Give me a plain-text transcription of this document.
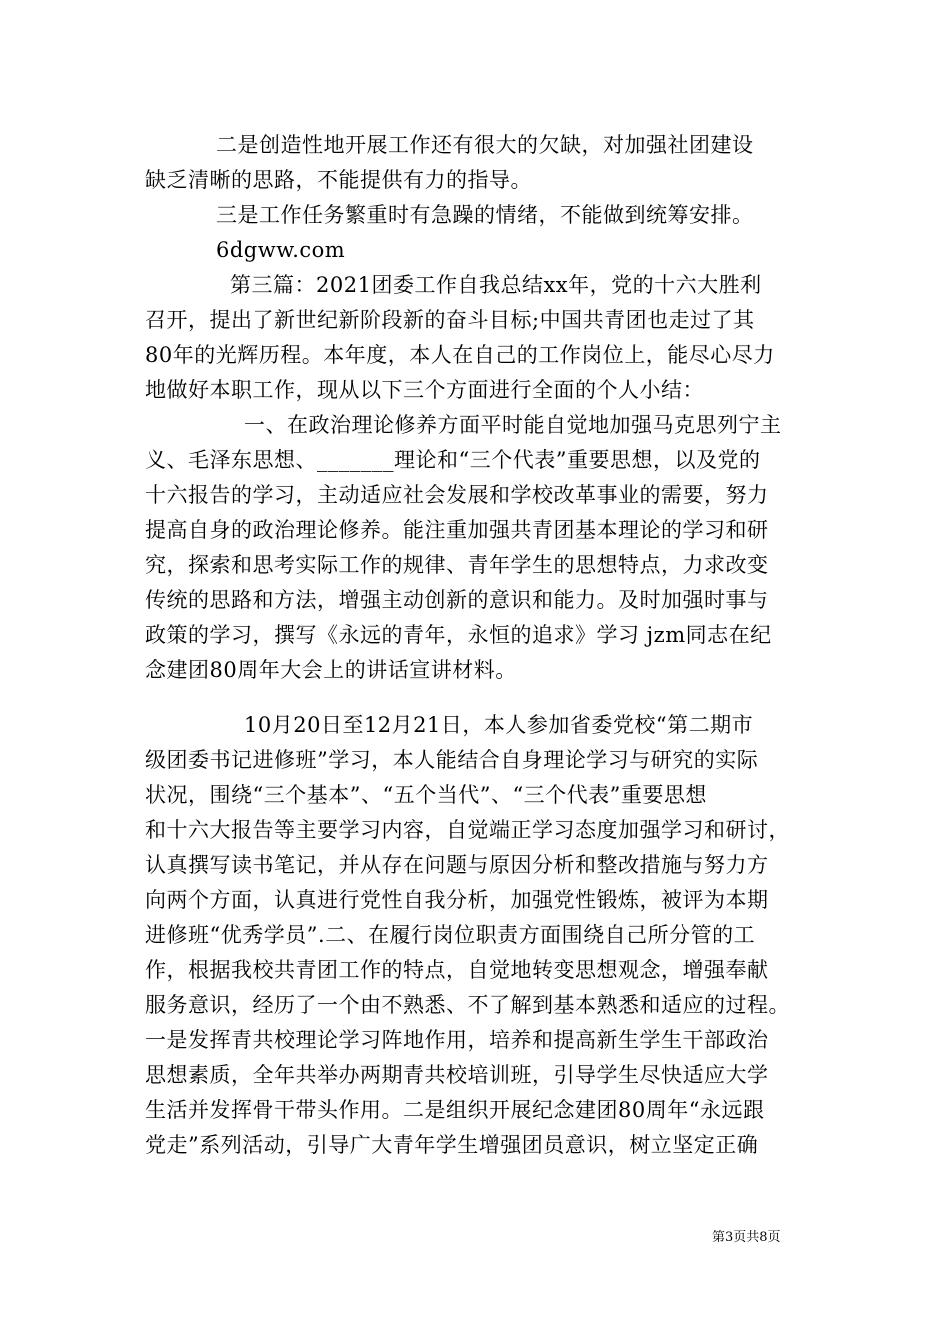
二是创造性地开展工作还有很大的欠缺，对加强社团建设
缺乏清晰的思路，不能提供有力的指导。
三是工作任务繁重时有急躁的情绪，不能做到统筹安排。
6dgww.com
第三篇：2021团委工作自我总结xx年，党的十六大胜利
召开，提出了新世纪新阶段新的奋斗目标;中国共青团也走过了其
80年的光辉历程。本年度，本人在自己的工作岗位上，能尽心尽力
地做好本职工作，现从以下三个方面进行全面的个人小结：
一、在政治理论修养方面平时能自觉地加强马克思列宁主
义、毛泽东思想、_______理论和“三个代表”重要思想，以及党的
十六报告的学习，主动适应社会发展和学校改革事业的需要，努力
提高自身的政治理论修养。能注重加强共青团基本理论的学习和研
究，探索和思考实际工作的规律、青年学生的思想特点，力求改变
传统的思路和方法，增强主动创新的意识和能力。及时加强时事与
政策的学习，撰写《永远的青年，永恒的追求》学习 jzm同志在纪
念建团80周年大会上的讲话宣讲材料。
10月20日至12月21日，本人参加省委党校“第二期市
级团委书记进修班”学习，本人能结合自身理论学习与研究的实际
状况，围绕“三个基本”、“五个当代”、“三个代表”重要思想
和十六大报告等主要学习内容，自觉端正学习态度加强学习和研讨，
认真撰写读书笔记，并从存在问题与原因分析和整改措施与努力方
向两个方面，认真进行党性自我分析，加强党性锻炼，被评为本期
进修班“优秀学员”.二、在履行岗位职责方面围绕自己所分管的工
作，根据我校共青团工作的特点，自觉地转变思想观念，增强奉献
服务意识，经历了一个由不熟悉、不了解到基本熟悉和适应的过程。
一是发挥青共校理论学习阵地作用，培养和提高新生学生干部政治
思想素质，全年共举办两期青共校培训班，引导学生尽快适应大学
生活并发挥骨干带头作用。二是组织开展纪念建团80周年“永远跟
党走”系列活动，引导广大青年学生增强团员意识，树立坚定正确
第3页共8页
